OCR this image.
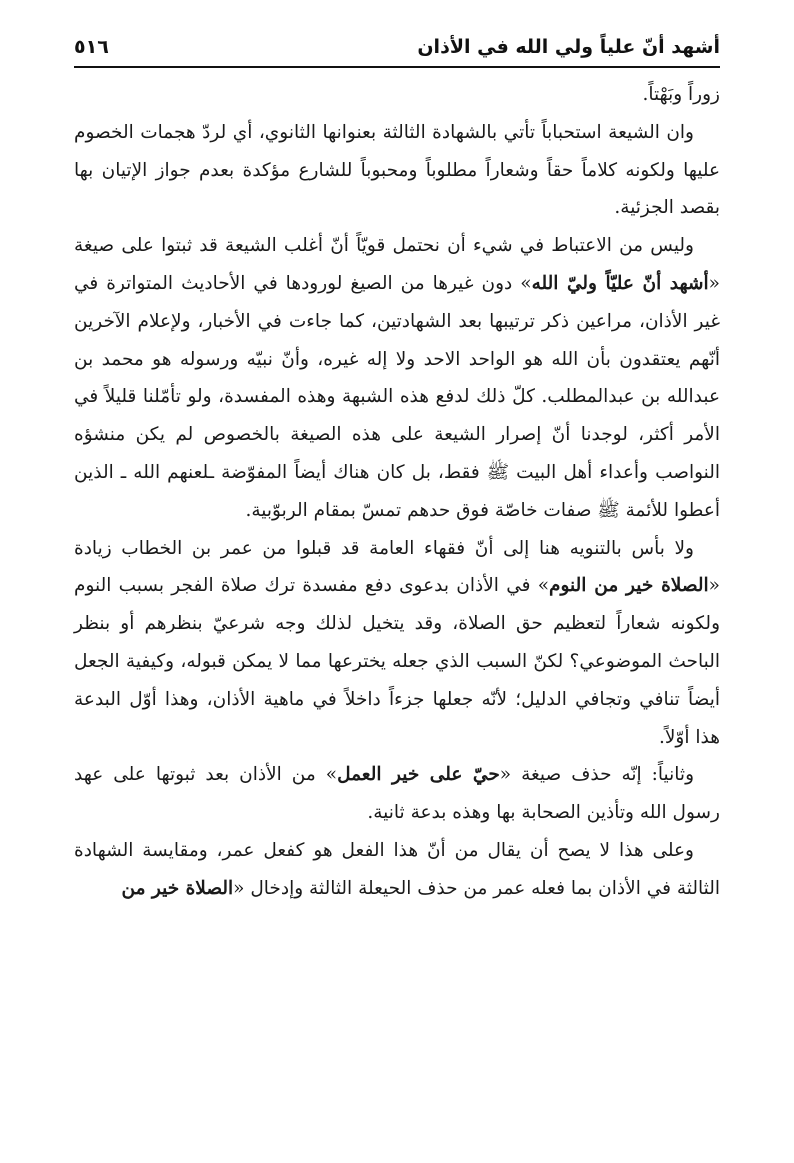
أشهد أنّ علياً ولي الله في الأذان
٥١٦

زوراً وبَهْتاً.

وان الشيعة استحباباً تأتي بالشهادة الثالثة بعنوانها الثانوي، أي لردّ هجمات الخصوم عليها ولكونه كلاماً حقاً وشعاراً مطلوباً ومحبوباً للشارع مؤكدة بعدم جواز الإتيان بها بقصد الجزئية.

وليس من الاعتباط في شيء أن نحتمل قويّاً أنّ أغلب الشيعة قد ثبتوا على صيغة «أشهد أنّ عليّاً وليّ الله» دون غيرها من الصيغ لورودها في الأحاديث المتواترة في غير الأذان، مراعين ذكر ترتيبها بعد الشهادتين، كما جاءت في الأخبار، ولإعلام الآخرين أنّهم يعتقدون بأن الله هو الواحد الاحد ولا إله غيره، وأنّ نبيّه ورسوله هو محمد بن عبدالله بن عبدالمطلب. كلّ ذلك لدفع هذه الشبهة وهذه المفسدة، ولو تأمّلنا قليلاً في الأمر أكثر، لوجدنا أنّ إصرار الشيعة على هذه الصيغة بالخصوص لم يكن منشؤه النواصب وأعداء أهل البيت ﷺ فقط، بل كان هناك أيضاً المفوّضة ـلعنهم الله ـ الذين أعطوا للأئمة ﷺ صفات خاصّة فوق حدهم تمسّ بمقام الربوّبية.

ولا بأس بالتنويه هنا إلى أنّ فقهاء العامة قد قبلوا من عمر بن الخطاب زيادة «الصلاة خير من النوم» في الأذان بدعوى دفع مفسدة ترك صلاة الفجر بسبب النوم ولكونه شعاراً لتعظيم حق الصلاة، وقد يتخيل لذلك وجه شرعيّ بنظرهم أو بنظر الباحث الموضوعي؟ لكنّ السبب الذي جعله يخترعها مما لا يمكن قبوله، وكيفية الجعل أيضاً تنافي وتجافي الدليل؛ لأنّه جعلها جزءاً داخلاً في ماهية الأذان، وهذا أوّل البدعة هذا أوّلاً.

وثانياً: إنّه حذف صيغة «حيّ على خير العمل» من الأذان بعد ثبوتها على عهد رسول الله وتأذين الصحابة بها وهذه بدعة ثانية.

وعلى هذا لا يصح أن يقال من أنّ هذا الفعل هو كفعل عمر، ومقايسة الشهادة الثالثة في الأذان بما فعله عمر من حذف الحيعلة الثالثة وإدخال «الصلاة خير من
